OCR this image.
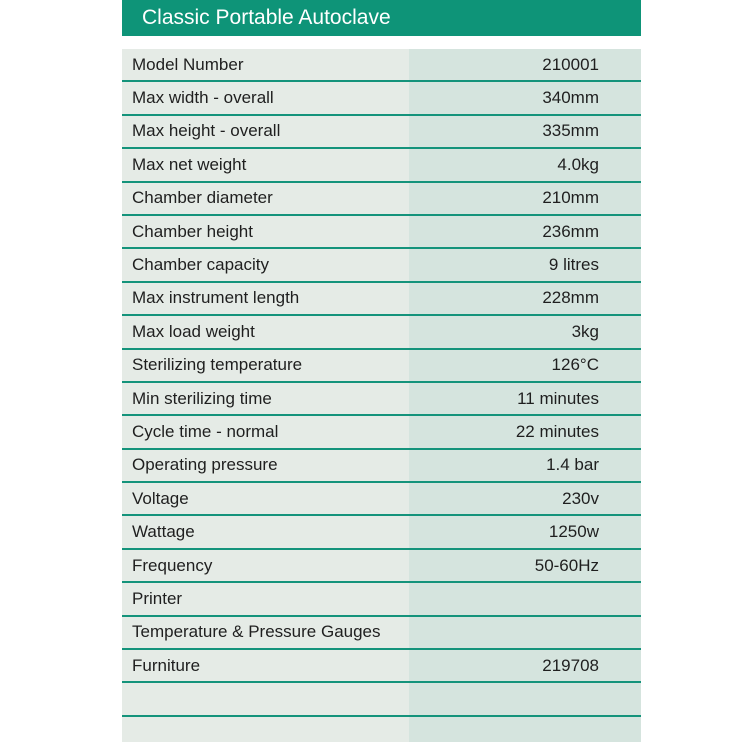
Classic Portable Autoclave
Model Number	210001
Max width - overall	340mm
Max height - overall	335mm
Max net weight	4.0kg
Chamber diameter	210mm
Chamber height	236mm
Chamber capacity	9 litres
Max instrument length	228mm
Max load weight	3kg
Sterilizing temperature	126°C
Min sterilizing time	11 minutes
Cycle time - normal	22 minutes
Operating pressure	1.4 bar
Voltage	230v
Wattage	1250w
Frequency	50-60Hz
Printer
Temperature & Pressure Gauges
Furniture	219708
